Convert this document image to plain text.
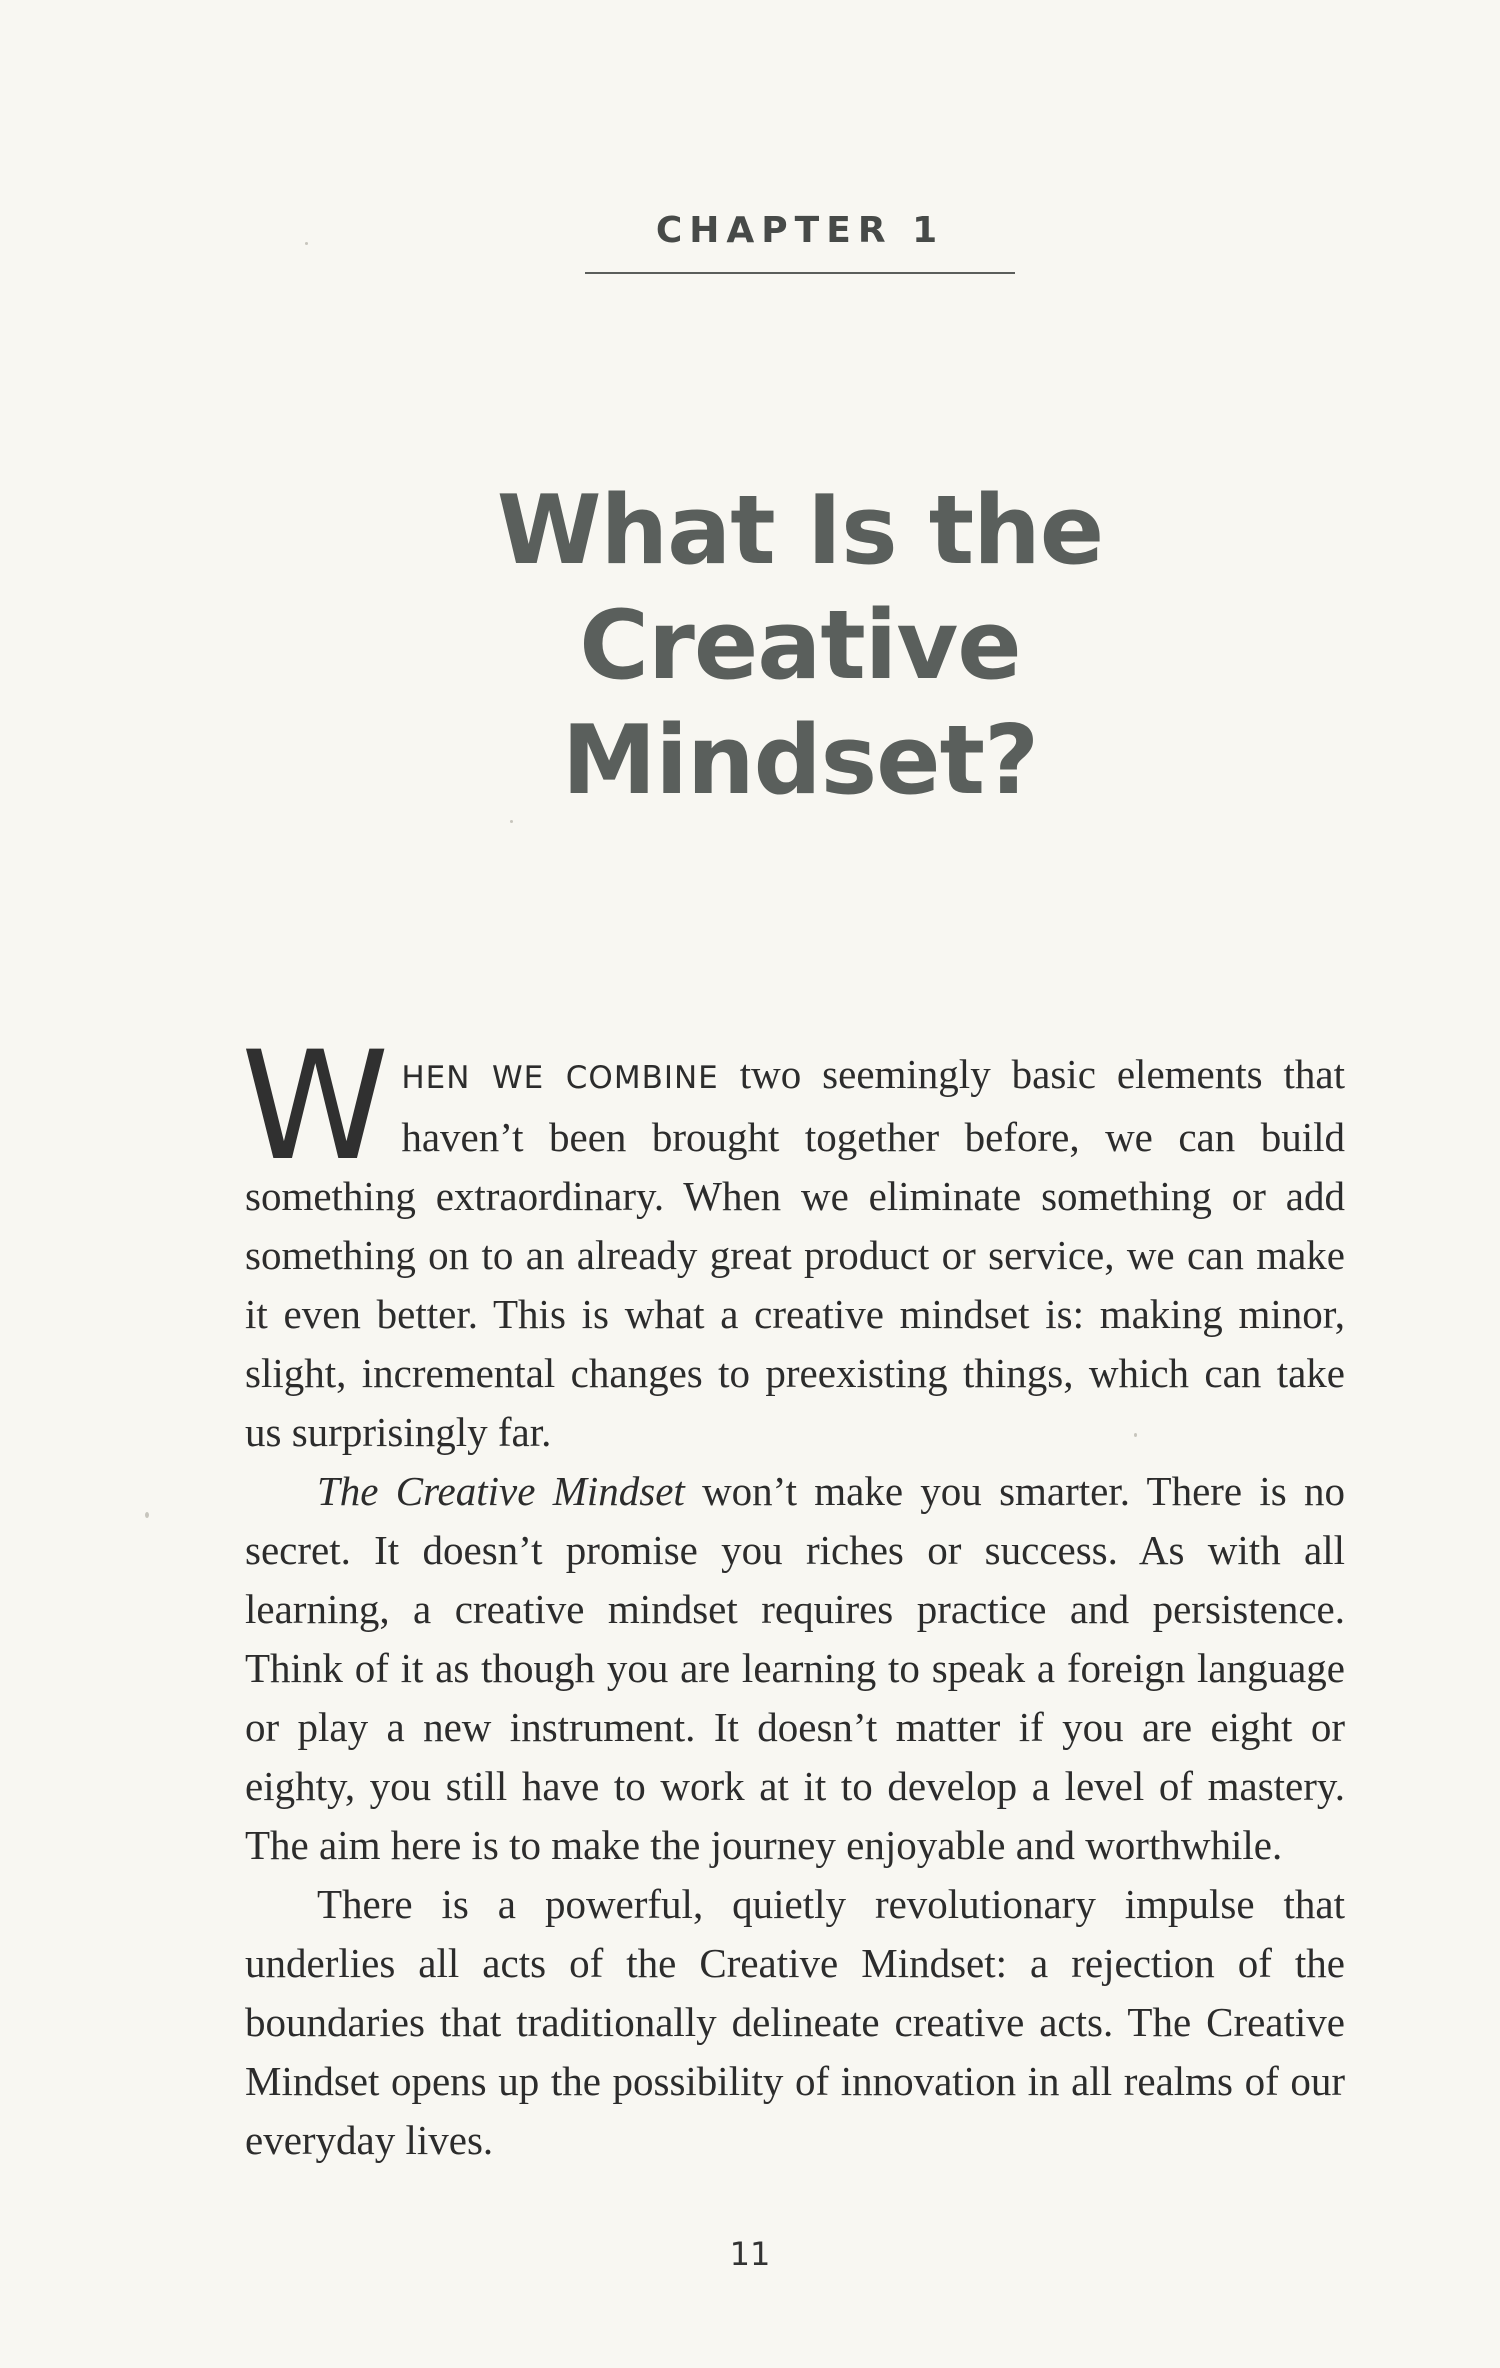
CHAPTER 1
What Is the
Creative
Mindset?

WHEN WE COMBINE two seemingly basic elements that haven’t been brought together before, we can build something extraordinary. When we eliminate something or add something on to an already great product or service, we can make it even better. This is what a creative mindset is: making minor, slight, incremental changes to preexisting things, which can take us surprisingly far.

The Creative Mindset won’t make you smarter. There is no secret. It doesn’t promise you riches or success. As with all learning, a creative mindset requires practice and persistence. Think of it as though you are learning to speak a foreign language or play a new instrument. It doesn’t matter if you are eight or eighty, you still have to work at it to develop a level of mastery. The aim here is to make the journey enjoyable and worthwhile.

There is a powerful, quietly revolutionary impulse that underlies all acts of the Creative Mindset: a rejection of the boundaries that traditionally delineate creative acts. The Creative Mindset opens up the possibility of innovation in all realms of our everyday lives.

11
